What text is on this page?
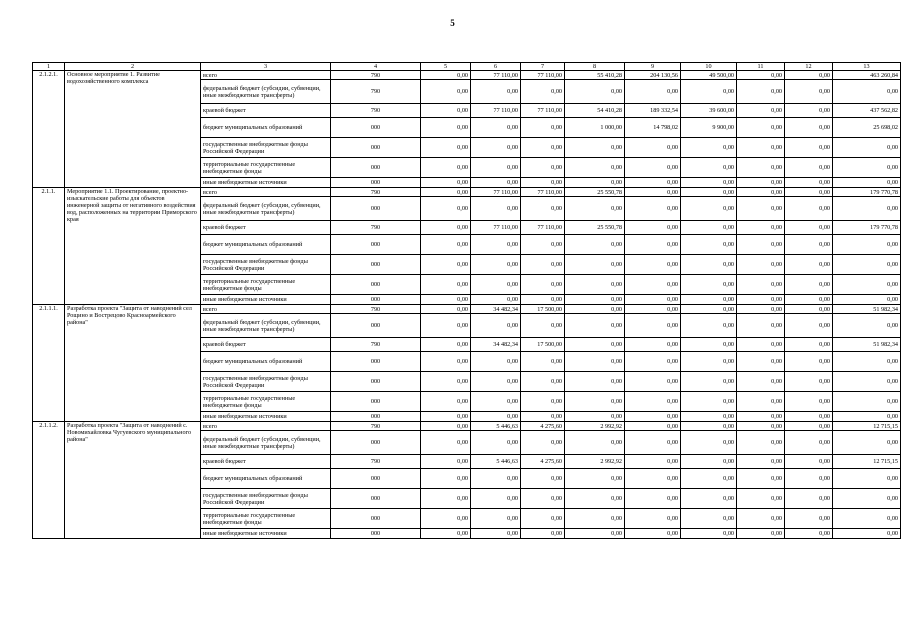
5
1	2	3	4	5	6	7	8	9	10	11	12	13
2.1.2.1.	Основное мероприятие 1. Развитие водохозяйственного комплекса	всего	790	0,00	77 110,00	77 110,00	55 410,28	204 130,56	49 500,00	0,00	0,00	463 260,84
		федеральный бюджет (субсидии, субвенции, иные межбюджетные трансферты)	790	0,00	0,00	0,00	0,00	0,00	0,00	0,00	0,00	0,00
		краевой бюджет	790	0,00	77 110,00	77 110,00	54 410,28	189 332,54	39 600,00	0,00	0,00	437 562,82
		бюджет муниципальных образований	000	0,00	0,00	0,00	1 000,00	14 798,02	9 900,00	0,00	0,00	25 698,02
		государственные внебюджетные фонды Российской Федерации	000	0,00	0,00	0,00	0,00	0,00	0,00	0,00	0,00	0,00
		территориальные государственные внебюджетные фонды	000	0,00	0,00	0,00	0,00	0,00	0,00	0,00	0,00	0,00
		иные внебюджетные источники	000	0,00	0,00	0,00	0,00	0,00	0,00	0,00	0,00	0,00
2.1.1.	Мероприятие 1.1. Проектирование, проектно-изыскательские работы для объектов инженерной защиты от негативного воздействия вод, расположенных на территории Приморского края	всего	790	0,00	77 110,00	77 110,00	25 550,78	0,00	0,00	0,00	0,00	179 770,78
		федеральный бюджет (субсидии, субвенции, иные межбюджетные трансферты)	000	0,00	0,00	0,00	0,00	0,00	0,00	0,00	0,00	0,00
		краевой бюджет	790	0,00	77 110,00	77 110,00	25 550,78	0,00	0,00	0,00	0,00	179 770,78
		бюджет муниципальных образований	000	0,00	0,00	0,00	0,00	0,00	0,00	0,00	0,00	0,00
		государственные внебюджетные фонды Российской Федерации	000	0,00	0,00	0,00	0,00	0,00	0,00	0,00	0,00	0,00
		территориальные государственные внебюджетные фонды	000	0,00	0,00	0,00	0,00	0,00	0,00	0,00	0,00	0,00
		иные внебюджетные источники	000	0,00	0,00	0,00	0,00	0,00	0,00	0,00	0,00	0,00
2.1.1.1.	Разработка проекта "Защита от наводнений сел Рощино и Вострецово Красноармейского района"	всего	790	0,00	34 482,34	17 500,00	0,00	0,00	0,00	0,00	0,00	51 982,34
		федеральный бюджет (субсидии, субвенции, иные межбюджетные трансферты)	000	0,00	0,00	0,00	0,00	0,00	0,00	0,00	0,00	0,00
		краевой бюджет	790	0,00	34 482,34	17 500,00	0,00	0,00	0,00	0,00	0,00	51 982,34
		бюджет муниципальных образований	000	0,00	0,00	0,00	0,00	0,00	0,00	0,00	0,00	0,00
		государственные внебюджетные фонды Российской Федерации	000	0,00	0,00	0,00	0,00	0,00	0,00	0,00	0,00	0,00
		территориальные государственные внебюджетные фонды	000	0,00	0,00	0,00	0,00	0,00	0,00	0,00	0,00	0,00
		иные внебюджетные источники	000	0,00	0,00	0,00	0,00	0,00	0,00	0,00	0,00	0,00
2.1.1.2.	Разработка проекта "Защита от наводнений с. Новомихайловка Чугуевского муниципального района"	всего	790	0,00	5 446,63	4 275,60	2 992,92	0,00	0,00	0,00	0,00	12 715,15
		федеральный бюджет (субсидии, субвенции, иные межбюджетные трансферты)	000	0,00	0,00	0,00	0,00	0,00	0,00	0,00	0,00	0,00
		краевой бюджет	790	0,00	5 446,63	4 275,60	2 992,92	0,00	0,00	0,00	0,00	12 715,15
		бюджет муниципальных образований	000	0,00	0,00	0,00	0,00	0,00	0,00	0,00	0,00	0,00
		государственные внебюджетные фонды Российской Федерации	000	0,00	0,00	0,00	0,00	0,00	0,00	0,00	0,00	0,00
		территориальные государственные внебюджетные фонды	000	0,00	0,00	0,00	0,00	0,00	0,00	0,00	0,00	0,00
		иные внебюджетные источники	000	0,00	0,00	0,00	0,00	0,00	0,00	0,00	0,00	0,00
